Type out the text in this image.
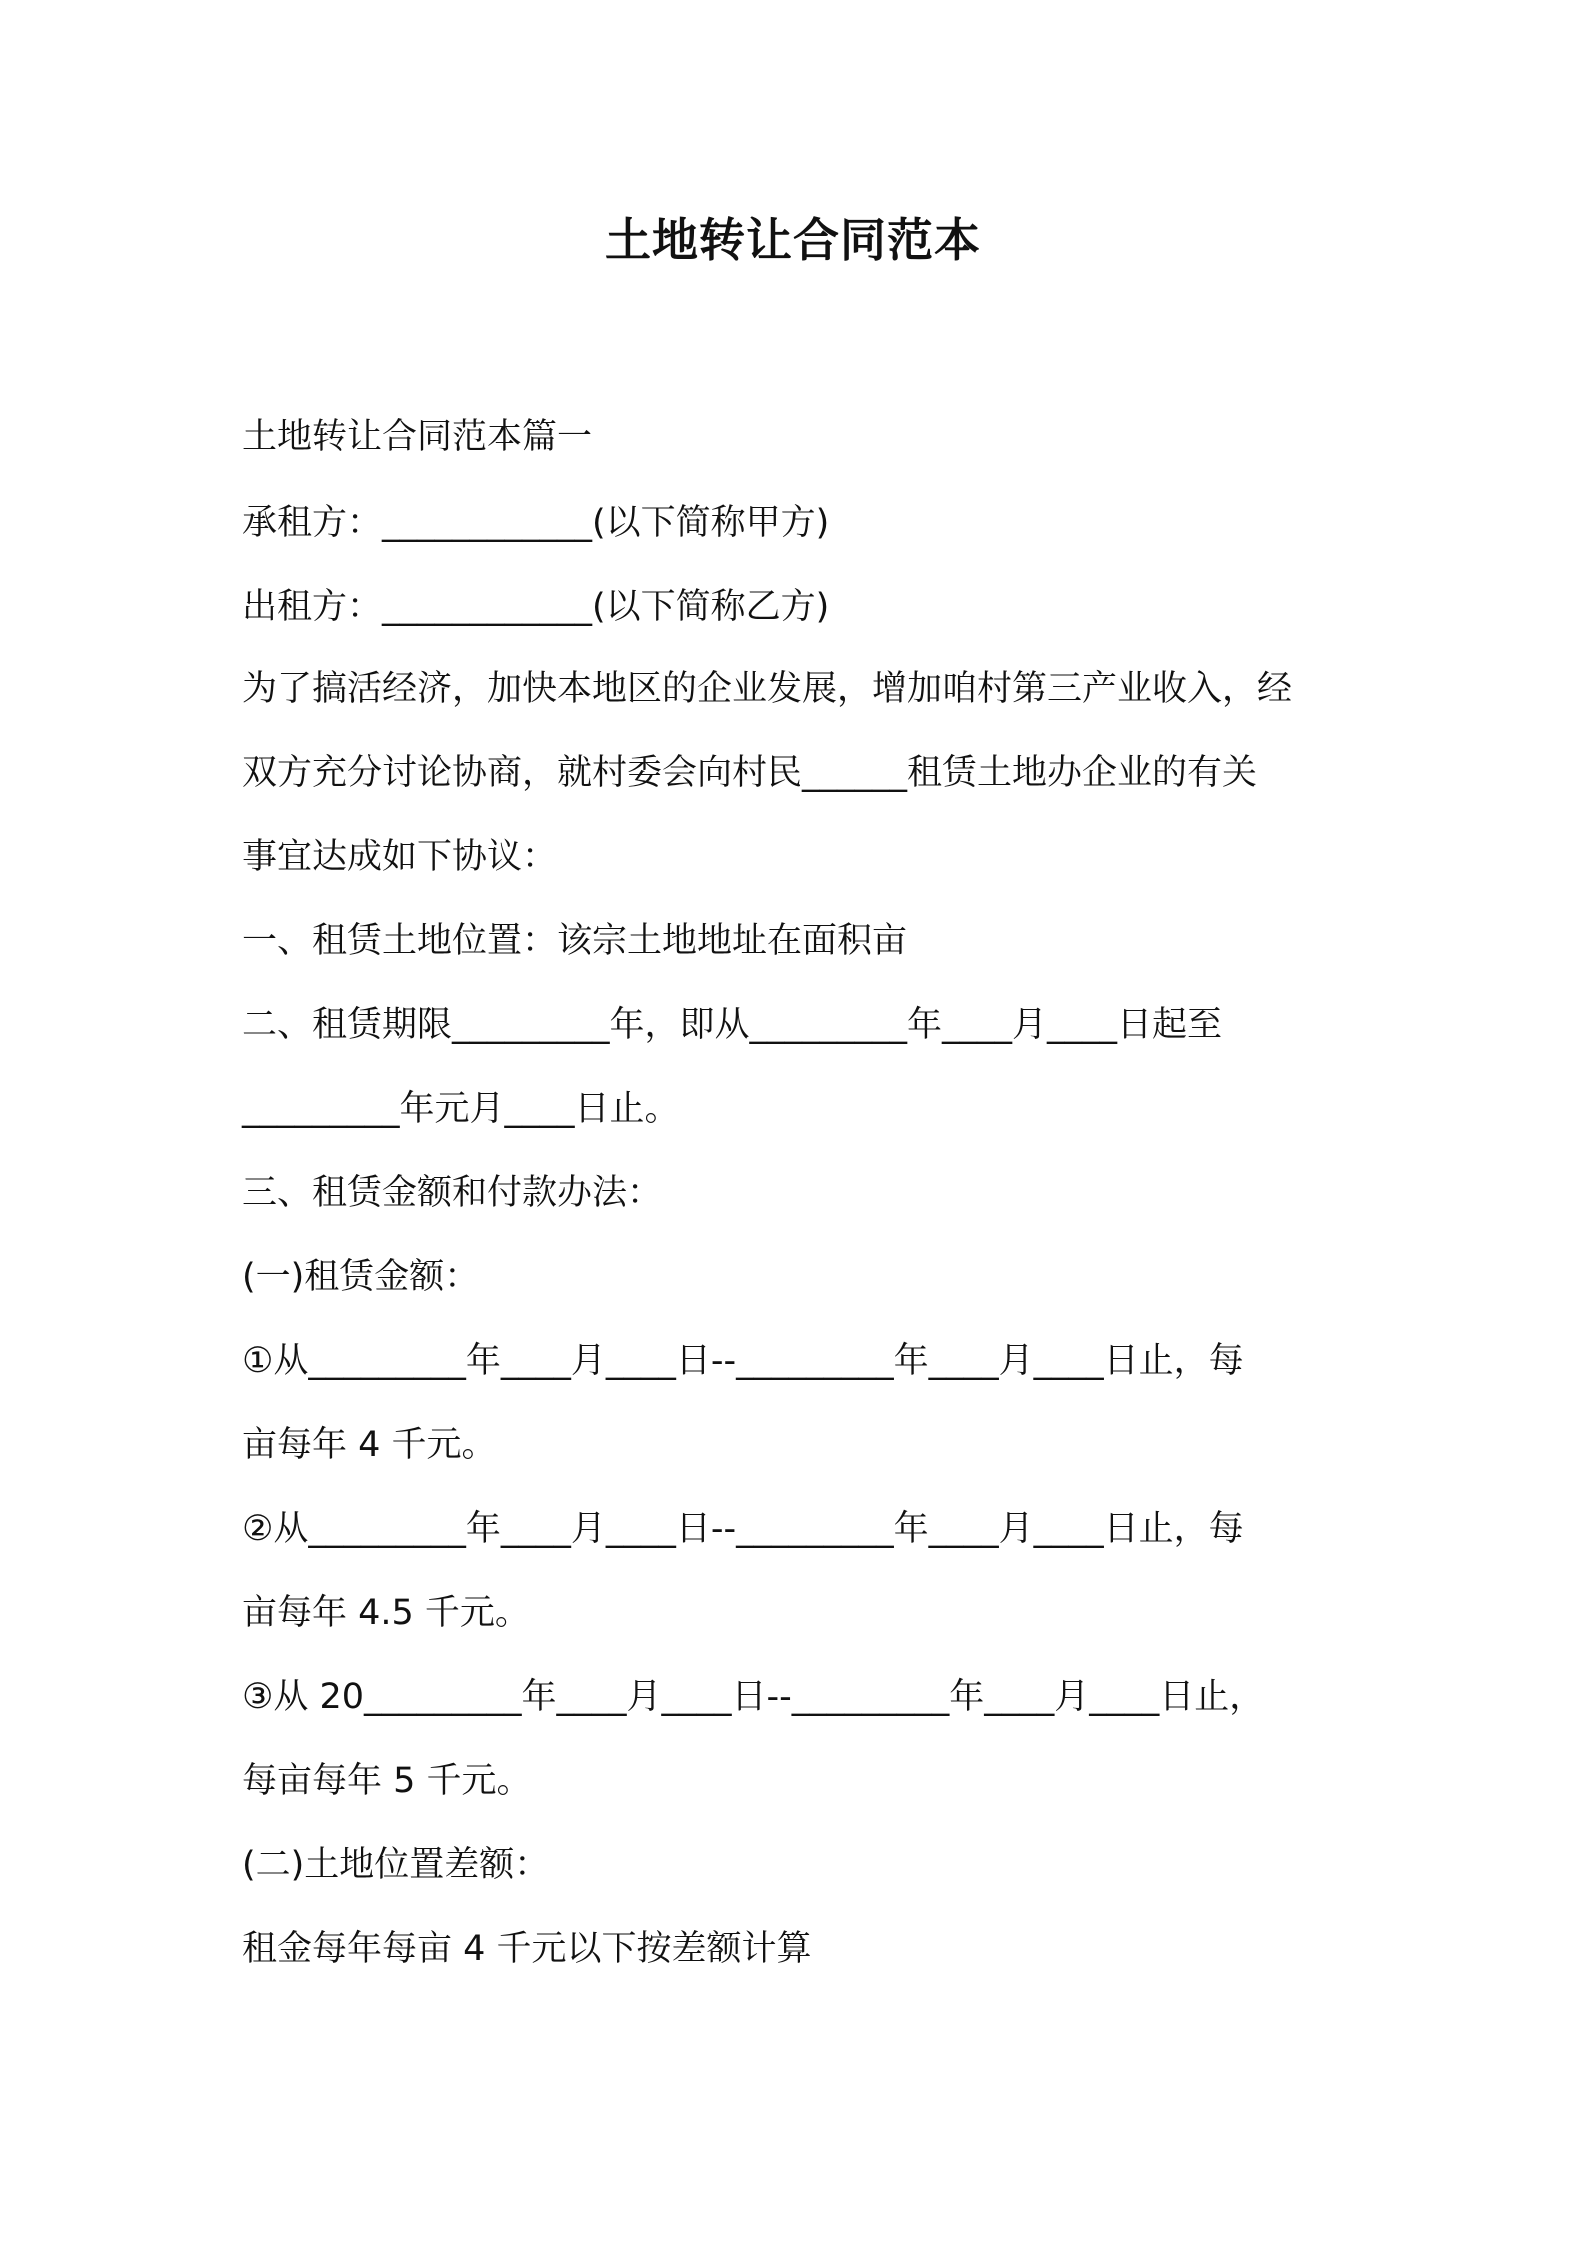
土地转让合同范本

土地转让合同范本篇一

承租方：____________(以下简称甲方)

出租方：____________(以下简称乙方)

为了搞活经济，加快本地区的企业发展，增加咱村第三产业收入，经

双方充分讨论协商，就村委会向村民______租赁土地办企业的有关

事宜达成如下协议：

一、租赁土地位置：该宗土地地址在面积亩

二、租赁期限_________年，即从_________年____月____日起至

_________年元月____日止。

三、租赁金额和付款办法：

(一)租赁金额：

①从_________年____月____日--_________年____月____日止，每

亩每年 4 千元。

②从_________年____月____日--_________年____月____日止，每

亩每年 4.5 千元。

③从 20_________年____月____日--_________年____月____日止，

每亩每年 5 千元。

(二)土地位置差额：

租金每年每亩 4 千元以下按差额计算
